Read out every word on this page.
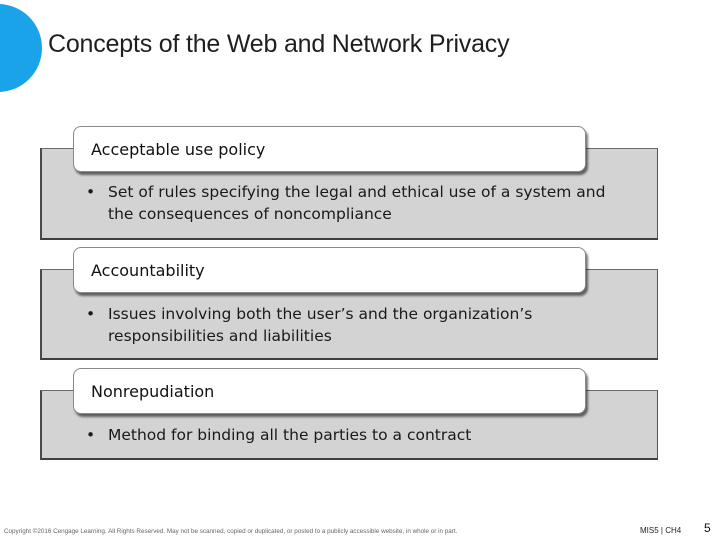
Concepts of the Web and Network Privacy
Acceptable use policy
• Set of rules specifying the legal and ethical use of a system and the consequences of noncompliance
Accountability
• Issues involving both the user’s and the organization’s responsibilities and liabilities
Nonrepudiation
• Method for binding all the parties to a contract
Copyright ©2016 Cengage Learning. All Rights Reserved. May not be scanned, copied or duplicated, or posted to a publicly accessible website, in whole or in part.	MIS5 | CH4 5
